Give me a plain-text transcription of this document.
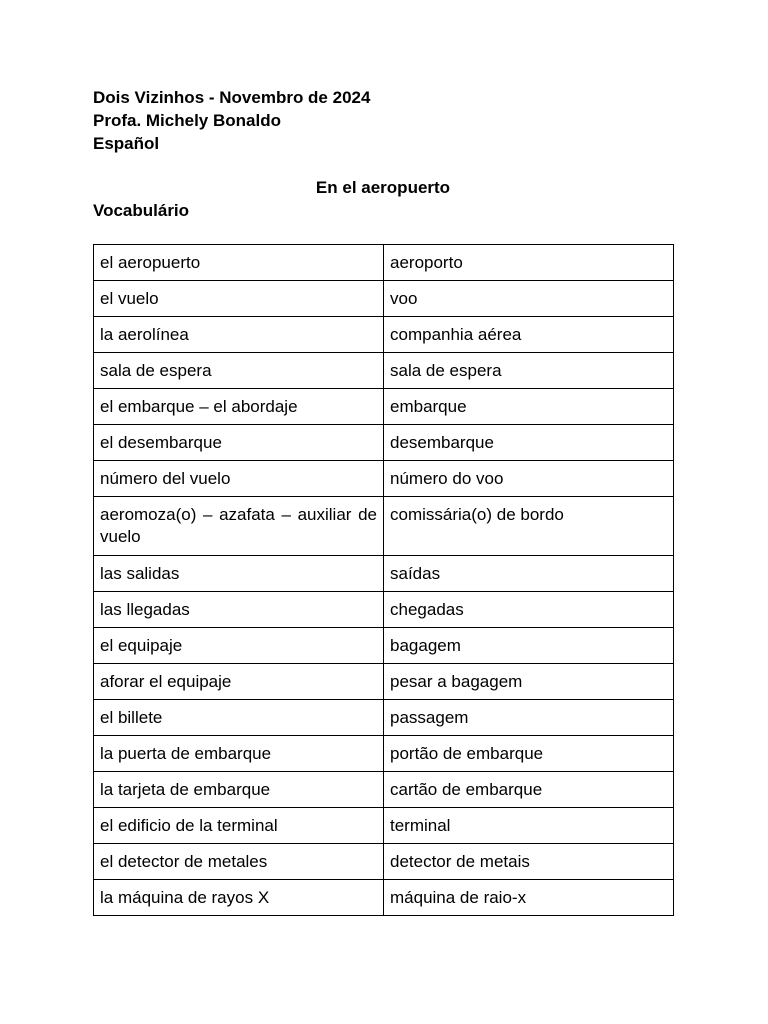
Dois Vizinhos - Novembro de 2024
Profa. Michely Bonaldo
Español
En el aeropuerto
Vocabulário
el aeropuerto	aeroporto
el vuelo	voo
la aerolínea	companhia aérea
sala de espera	sala de espera
el embarque – el abordaje	embarque
el desembarque	desembarque
número del vuelo	número do voo
aeromoza(o) – azafata – auxiliar de vuelo	comissária(o) de bordo
las salidas	saídas
las llegadas	chegadas
el equipaje	bagagem
aforar el equipaje	pesar a bagagem
el billete	passagem
la puerta de embarque	portão de embarque
la tarjeta de embarque	cartão de embarque
el edificio de la terminal	terminal
el detector de metales	detector de metais
la máquina de rayos X	máquina de raio-x
